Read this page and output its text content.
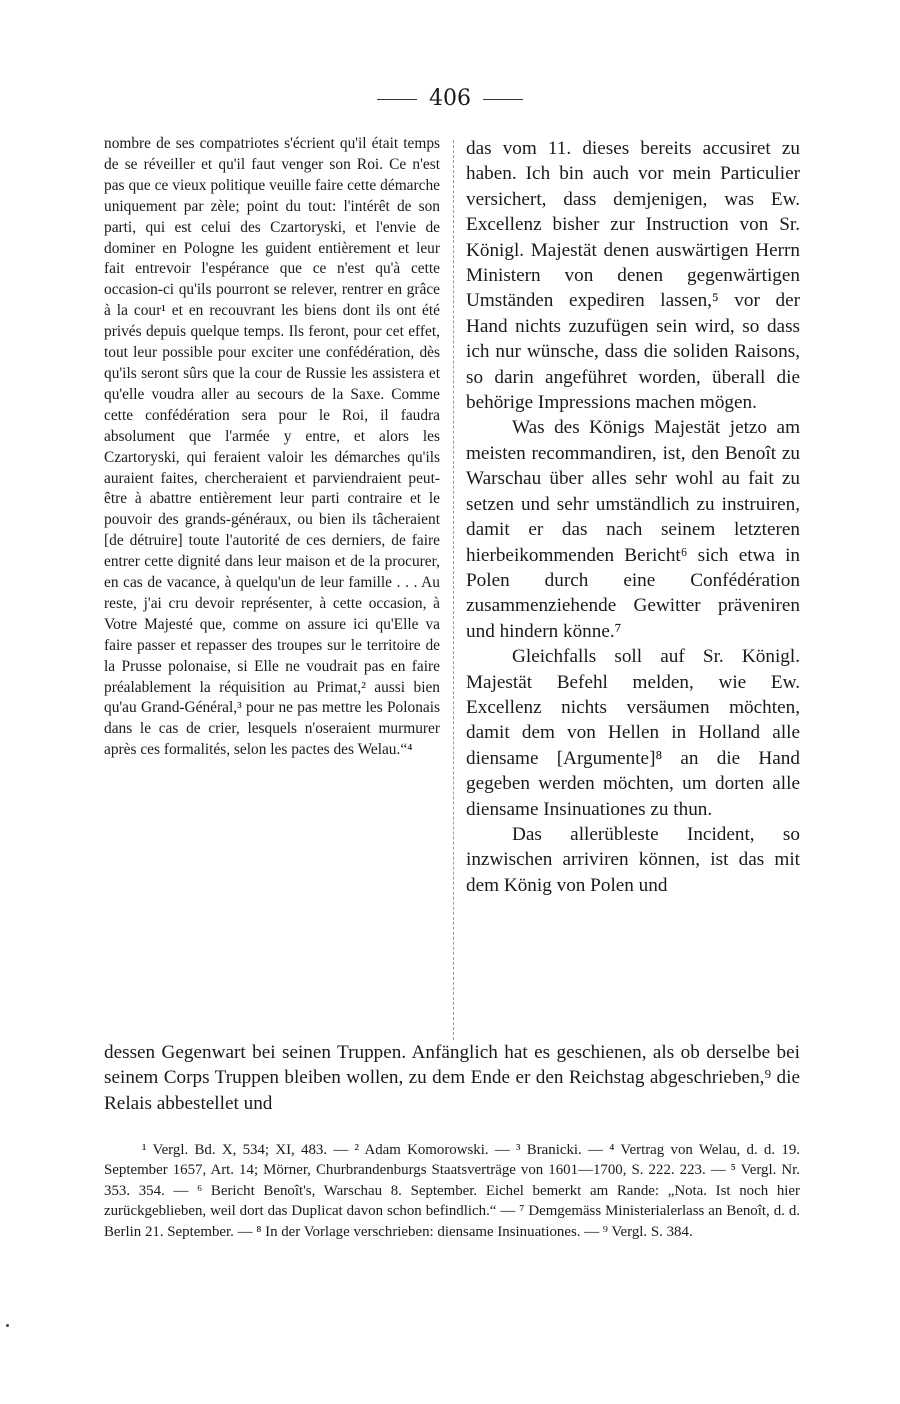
406
nombre de ses compatriotes s'écrient qu'il était temps de se réveiller et qu'il faut venger son Roi. Ce n'est pas que ce vieux politique veuille faire cette démarche uniquement par zèle; point du tout: l'intérêt de son parti, qui est celui des Czartoryski, et l'envie de dominer en Pologne les guident entièrement et leur fait entrevoir l'espérance que ce n'est qu'à cette occasion-ci qu'ils pourront se relever, rentrer en grâce à la cour¹ et en recouvrant les biens dont ils ont été privés depuis quelque temps. Ils feront, pour cet effet, tout leur possible pour exciter une confédération, dès qu'ils seront sûrs que la cour de Russie les assistera et qu'elle voudra aller au secours de la Saxe. Comme cette confédération sera pour le Roi, il faudra absolument que l'armée y entre, et alors les Czartoryski, qui feraient valoir les démarches qu'ils auraient faites, chercheraient et parviendraient peut-être à abattre entièrement leur parti contraire et le pouvoir des grands-généraux, ou bien ils tâcheraient [de détruire] toute l'autorité de ces derniers, de faire entrer cette dignité dans leur maison et de la procurer, en cas de vacance, à quelqu'un de leur famille . . . Au reste, j'ai cru devoir représenter, à cette occasion, à Votre Majesté que, comme on assure ici qu'Elle va faire passer et repasser des troupes sur le territoire de la Prusse polonaise, si Elle ne voudrait pas en faire préalablement la réquisition au Primat,² aussi bien qu'au Grand-Général,³ pour ne pas mettre les Polonais dans le cas de crier, lesquels n'oseraient murmurer après ces formalités, selon les pactes des Welau.“⁴

das vom 11. dieses bereits accusiret zu haben. Ich bin auch vor mein Particulier versichert, dass demjenigen, was Ew. Excellenz bisher zur Instruction von Sr. Königl. Majestät denen auswärtigen Herrn Ministern von denen gegenwärtigen Umständen expediren lassen,⁵ vor der Hand nichts zuzufügen sein wird, so dass ich nur wünsche, dass die soliden Raisons, so darin angeführet worden, überall die behörige Impressions machen mögen.

Was des Königs Majestät jetzo am meisten recommandiren, ist, den Benoît zu Warschau über alles sehr wohl au fait zu setzen und sehr umständlich zu instruiren, damit er das nach seinem letzteren hierbeikommenden Bericht⁶ sich etwa in Polen durch eine Confédération zusammenziehende Gewitter präveniren und hindern könne.⁷

Gleichfalls soll auf Sr. Königl. Majestät Befehl melden, wie Ew. Excellenz nichts versäumen möchten, damit dem von Hellen in Holland alle diensame [Argumente]⁸ an die Hand gegeben werden möchten, um dorten alle diensame Insinuationes zu thun.

Das allerübleste Incident, so inzwischen arriviren können, ist das mit dem König von Polen und

dessen Gegenwart bei seinen Truppen. Anfänglich hat es geschienen, als ob derselbe bei seinem Corps Truppen bleiben wollen, zu dem Ende er den Reichstag abgeschrieben,⁹ die Relais abbestellet und

¹ Vergl. Bd. X, 534; XI, 483. — ² Adam Komorowski. — ³ Branicki. — ⁴ Vertrag von Welau, d. d. 19. September 1657, Art. 14; Mörner, Churbrandenburgs Staatsverträge von 1601—1700, S. 222. 223. — ⁵ Vergl. Nr. 353. 354. — ⁶ Bericht Benoît's, Warschau 8. September. Eichel bemerkt am Rande: „Nota. Ist noch hier zurückgeblieben, weil dort das Duplicat davon schon befindlich.“ — ⁷ Demgemäss Ministerialerlass an Benoît, d. d. Berlin 21. September. — ⁸ In der Vorlage verschrieben: diensame Insinuationes. — ⁹ Vergl. S. 384.
